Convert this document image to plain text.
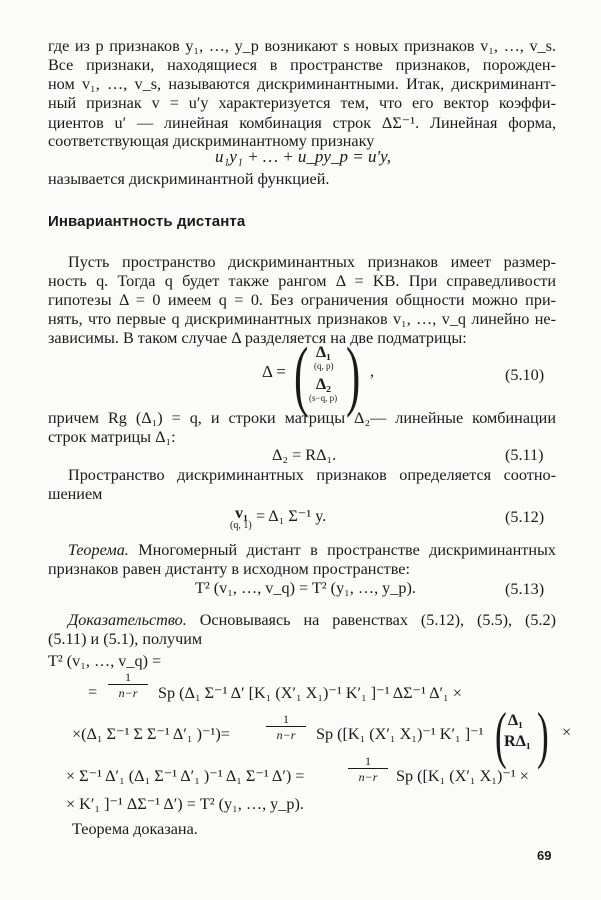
где из p признаков y₁, …, y_p возникают s новых признаков v₁, …, v_s.
Все признаки, находящиеся в пространстве признаков, порожден-
ном v₁, …, v_s, называются дискриминантными. Итак, дискриминант-
ный признак v = u′y характеризуется тем, что его вектор коэффи-
циентов u′ — линейная комбинация строк ΔΣ⁻¹. Линейная форма,
соответствующая дискриминантному признаку
u₁y₁ + … + u_py_p = u′y,
называется дискриминантной функцией.
Инвариантность дистанта
Пусть пространство дискриминантных признаков имеет размер-
ность q. Тогда q будет также рангом Δ = KB. При справедливости
гипотезы Δ = 0 имеем q = 0. Без ограничения общности можно при-
нять, что первые q дискриминантных признаков v₁, …, v_q линейно не-
зависимы. В таком случае Δ разделяется на две подматрицы:
Δ = ( Δ₁
(q, p)
Δ₂
(s−q, p) ) ,	(5.10)
причем Rg (Δ₁) = q, и строки матрицы Δ₂— линейные комбинации
строк матрицы Δ₁:
Δ₂ = RΔ₁.	(5.11)
Пространство дискриминантных признаков определяется соотно-
шением
v₁
(q, 1)
= Δ₁ Σ⁻¹ y.	(5.12)
Теорема. Многомерный дистант в пространстве дискриминантных
признаков равен дистанту в исходном пространстве:
T² (v₁, …, v_q) = T² (y₁, …, y_p).	(5.13)
Доказательство. Основываясь на равенствах (5.12), (5.5), (5.2)
(5.11) и (5.1), получим
T² (v₁, …, v_q) =
=
1
n−r	Sp (Δ₁ Σ⁻¹ Δ′ [K₁ (X′₁ X₁)⁻¹ K′₁ ]⁻¹ ΔΣ⁻¹ Δ′₁ ×
×(Δ₁ Σ⁻¹ Σ Σ⁻¹ Δ′₁ )⁻¹)=
1
n−r	Sp ([K₁ (X′₁ X₁)⁻¹ K′₁ ]⁻¹ ( Δ₁
RΔ₁ ) ×
× Σ⁻¹ Δ′₁ (Δ₁ Σ⁻¹ Δ′₁ )⁻¹ Δ₁ Σ⁻¹ Δ′) =
1
n−r	Sp ([K₁ (X′₁ X₁)⁻¹ ×
× K′₁ ]⁻¹ ΔΣ⁻¹ Δ′) = T² (y₁, …, y_p).
Теорема доказана.
69
